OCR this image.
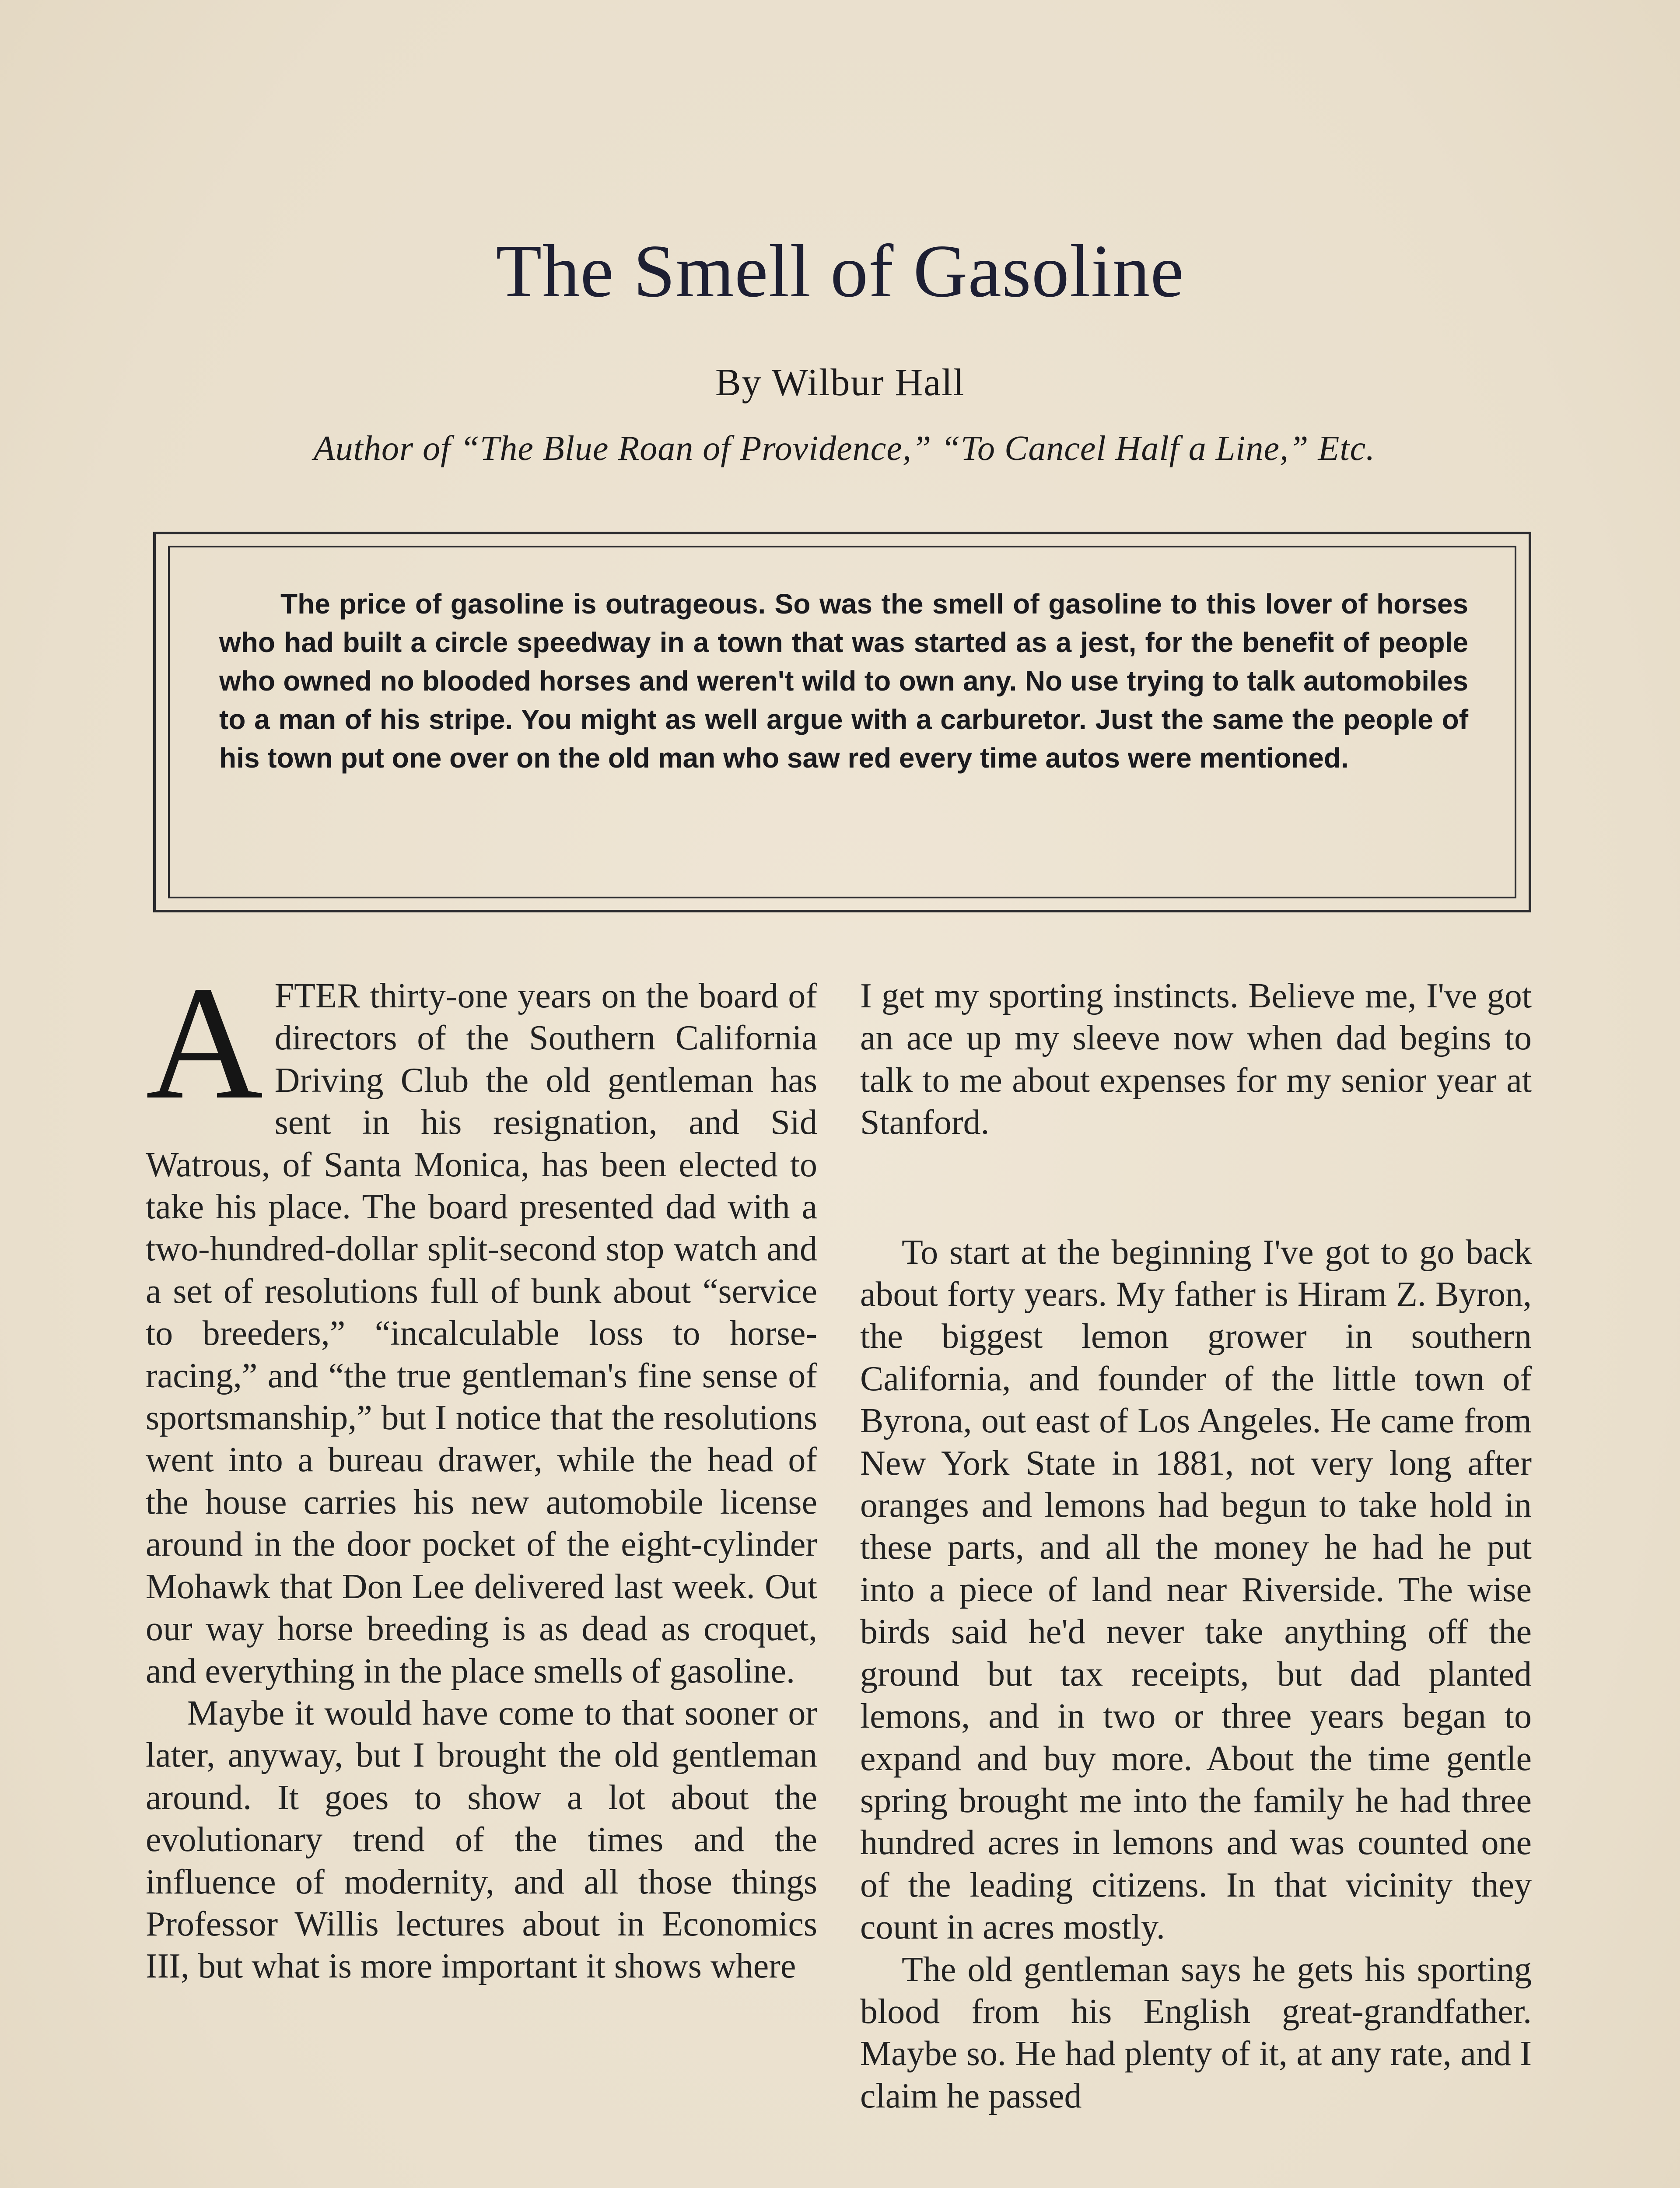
The Smell of Gasoline
By Wilbur Hall
Author of “The Blue Roan of Providence,” “To Cancel Half a Line,” Etc.
The price of gasoline is outrageous. So was the smell of gasoline to this lover of horses who had built a circle speedway in a town that was started as a jest, for the benefit of people who owned no blooded horses and weren't wild to own any. No use trying to talk automobiles to a man of his stripe. You might as well argue with a carburetor. Just the same the people of his town put one over on the old man who saw red every time autos were mentioned.
A FTER thirty-one years on the board of directors of the Southern California Driving Club the old gentleman has sent in his resignation, and Sid Watrous, of Santa Monica, has been elected to take his place. The board presented dad with a two-hundred-dollar split-second stop watch and a set of resolutions full of bunk about “service to breeders,” “incalculable loss to horse-racing,” and “the true gentleman's fine sense of sportsmanship,” but I notice that the resolutions went into a bureau drawer, while the head of the house carries his new automobile license around in the door pocket of the eight-cylinder Mohawk that Don Lee delivered last week. Out our way horse breeding is as dead as croquet, and everything in the place smells of gasoline.

Maybe it would have come to that sooner or later, anyway, but I brought the old gentleman around. It goes to show a lot about the evolutionary trend of the times and the influence of modernity, and all those things Professor Willis lectures about in Economics III, but what is more important it shows where

I get my sporting instincts. Believe me, I've got an ace up my sleeve now when dad begins to talk to me about expenses for my senior year at Stanford.

To start at the beginning I've got to go back about forty years. My father is Hiram Z. Byron, the biggest lemon grower in southern California, and founder of the little town of Byrona, out east of Los Angeles. He came from New York State in 1881, not very long after oranges and lemons had begun to take hold in these parts, and all the money he had he put into a piece of land near Riverside. The wise birds said he'd never take anything off the ground but tax receipts, but dad planted lemons, and in two or three years began to expand and buy more. About the time gentle spring brought me into the family he had three hundred acres in lemons and was counted one of the leading citizens. In that vicinity they count in acres mostly.

The old gentleman says he gets his sporting blood from his English great-grandfather. Maybe so. He had plenty of it, at any rate, and I claim he passed
